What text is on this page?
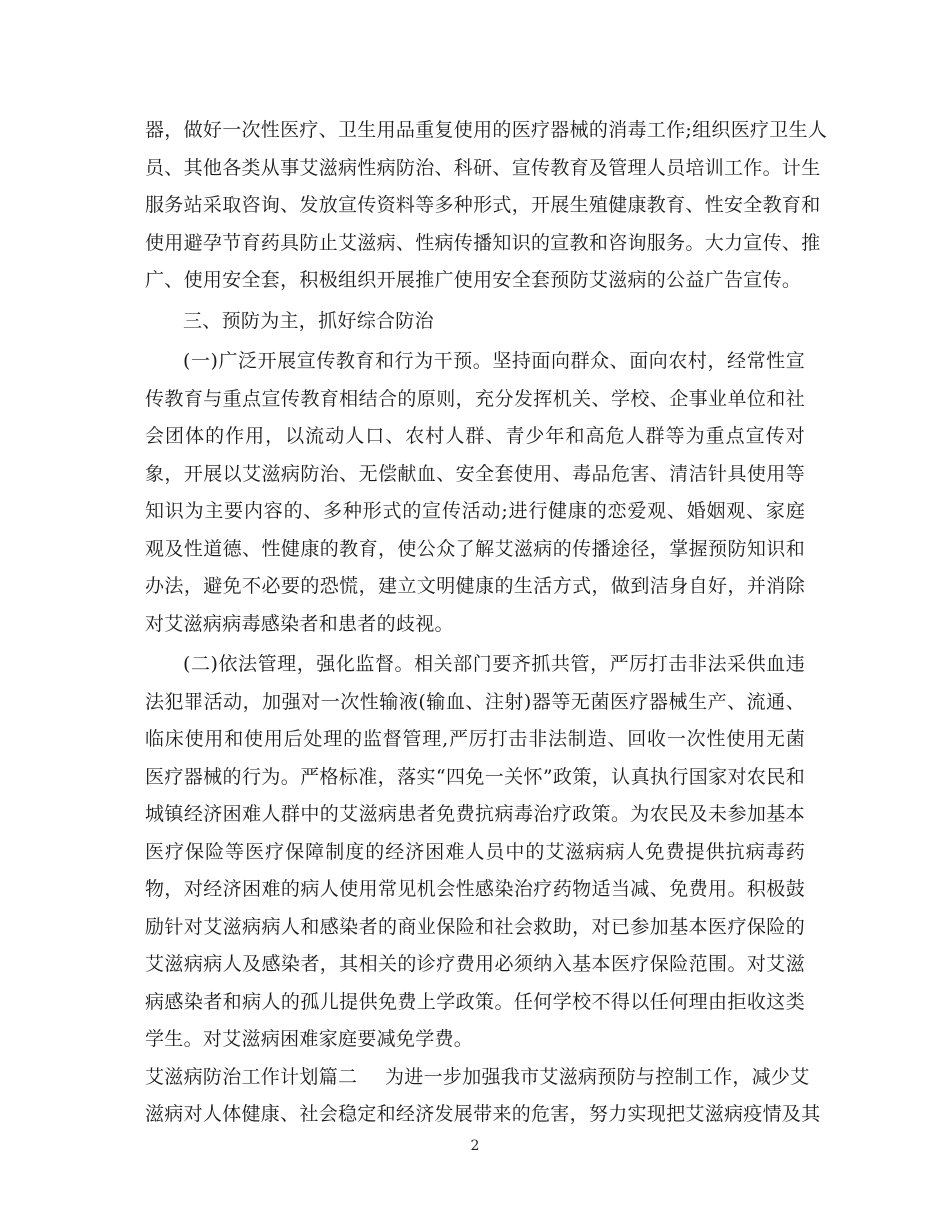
器，做好一次性医疗、卫生用品重复使用的医疗器械的消毒工作;组织医疗卫生人
员、其他各类从事艾滋病性病防治、科研、宣传教育及管理人员培训工作。计生
服务站采取咨询、发放宣传资料等多种形式，开展生殖健康教育、性安全教育和
使用避孕节育药具防止艾滋病、性病传播知识的宣教和咨询服务。大力宣传、推
广、使用安全套，积极组织开展推广使用安全套预防艾滋病的公益广告宣传。
三、预防为主，抓好综合防治
(一)广泛开展宣传教育和行为干预。坚持面向群众、面向农村，经常性宣传教育与重点宣传教育相结合的原则，充分发挥机关、学校、企事业单位和社会团体的作用，以流动人口、农村人群、青少年和高危人群等为重点宣传对象，开展以艾滋病防治、无偿献血、安全套使用、毒品危害、清洁针具使用等知识为主要内容的、多种形式的宣传活动;进行健康的恋爱观、婚姻观、家庭观及性道德、性健康的教育，使公众了解艾滋病的传播途径，掌握预防知识和办法，避免不必要的恐慌，建立文明健康的生活方式，做到洁身自好，并消除对艾滋病病毒感染者和患者的歧视。
(二)依法管理，强化监督。相关部门要齐抓共管，严厉打击非法采供血违法犯罪活动，加强对一次性输液(输血、注射)器等无菌医疗器械生产、流通、临床使用和使用后处理的监督管理,严厉打击非法制造、回收一次性使用无菌医疗器械的行为。严格标准，落实“四免一关怀”政策，认真执行国家对农民和城镇经济困难人群中的艾滋病患者免费抗病毒治疗政策。为农民及未参加基本医疗保险等医疗保障制度的经济困难人员中的艾滋病病人免费提供抗病毒药物，对经济困难的病人使用常见机会性感染治疗药物适当减、免费用。积极鼓励针对艾滋病病人和感染者的商业保险和社会救助，对已参加基本医疗保险的艾滋病病人及感染者，其相关的诊疗费用必须纳入基本医疗保险范围。对艾滋病感染者和病人的孤儿提供免费上学政策。任何学校不得以任何理由拒收这类学生。对艾滋病困难家庭要减免学费。
艾滋病防治工作计划篇二 为进一步加强我市艾滋病预防与控制工作，减少艾
滋病对人体健康、社会稳定和经济发展带来的危害，努力实现把艾滋病疫情及其
2
